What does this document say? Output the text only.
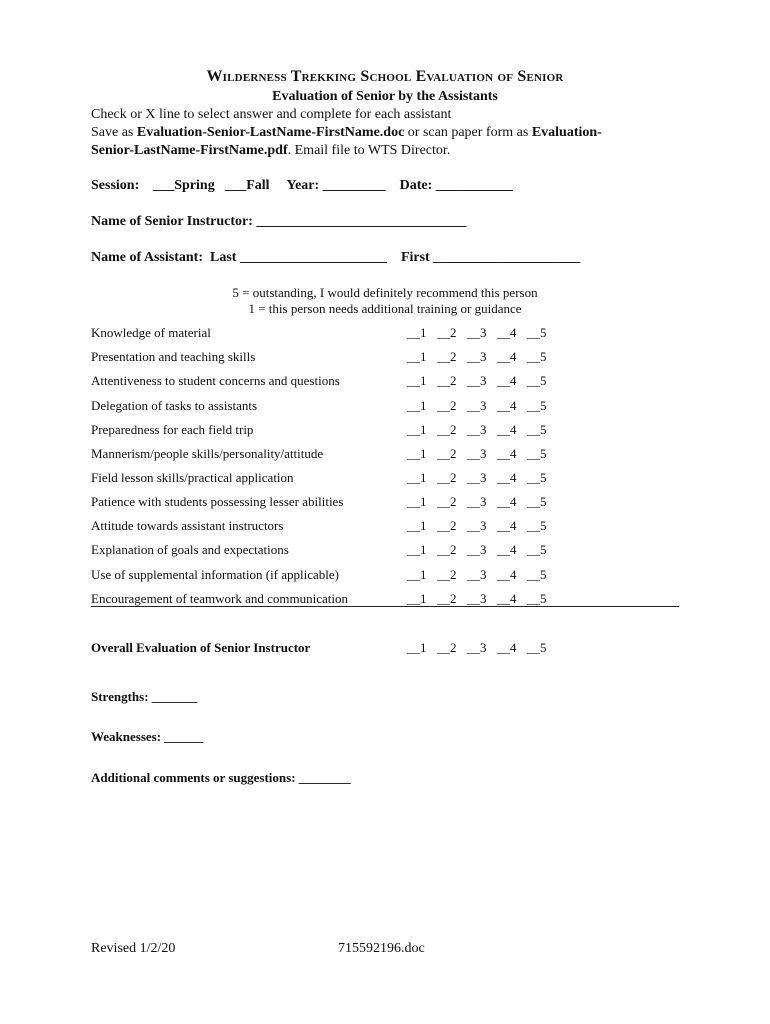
Wilderness Trekking School Evaluation of Senior
Evaluation of Senior by the Assistants
Check or X line to select answer and complete for each assistant
Save as Evaluation-Senior-LastName-FirstName.doc or scan paper form as Evaluation-
Senior-LastName-FirstName.pdf. Email file to WTS Director.
Session:    ___Spring   ___Fall     Year: _________    Date: ___________
Name of Senior Instructor: ______________________________
Name of Assistant:  Last _____________________    First _____________________
5 = outstanding, I would definitely recommend this person
1 = this person needs additional training or guidance
Knowledge of material	__1  __2  __3  __4  __5
Presentation and teaching skills	__1  __2  __3  __4  __5
Attentiveness to student concerns and questions	__1  __2  __3  __4  __5
Delegation of tasks to assistants	__1  __2  __3  __4  __5
Preparedness for each field trip	__1  __2  __3  __4  __5
Mannerism/people skills/personality/attitude	__1  __2  __3  __4  __5
Field lesson skills/practical application	__1  __2  __3  __4  __5
Patience with students possessing lesser abilities	__1  __2  __3  __4  __5
Attitude towards assistant instructors	__1  __2  __3  __4  __5
Explanation of goals and expectations	__1  __2  __3  __4  __5
Use of supplemental information (if applicable)	__1  __2  __3  __4  __5
Encouragement of teamwork and communication	__1  __2  __3  __4  __5
Overall Evaluation of Senior Instructor	__1  __2  __3  __4  __5
Strengths: _______
Weaknesses: ______
Additional comments or suggestions: ________
Revised 1/2/20	715592196.doc
